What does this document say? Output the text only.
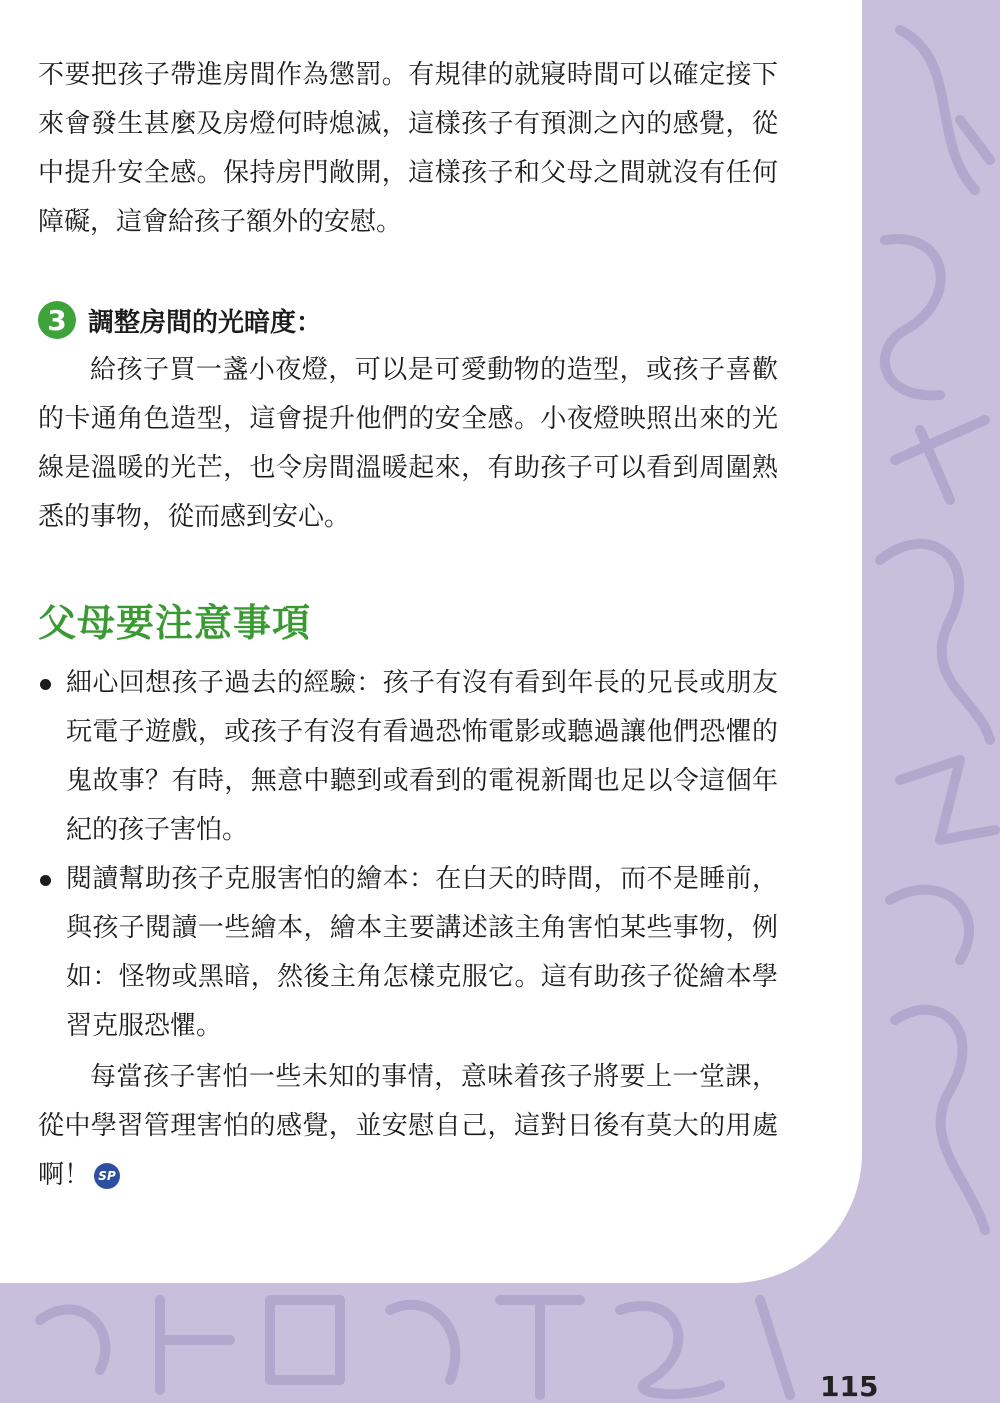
不要把孩子帶進房間作為懲罰。有規律的就寢時間可以確定接下來會發生甚麼及房燈何時熄滅，這樣孩子有預測之內的感覺，從中提升安全感。保持房門敞開，這樣孩子和父母之間就沒有任何障礙，這會給孩子額外的安慰。
3 調整房間的光暗度：
給孩子買一盞小夜燈，可以是可愛動物的造型，或孩子喜歡的卡通角色造型，這會提升他們的安全感。小夜燈映照出來的光線是溫暖的光芒，也令房間溫暖起來，有助孩子可以看到周圍熟悉的事物，從而感到安心。
父母要注意事項
細心回想孩子過去的經驗：孩子有沒有看到年長的兄長或朋友玩電子遊戲，或孩子有沒有看過恐怖電影或聽過讓他們恐懼的鬼故事？有時，無意中聽到或看到的電視新聞也足以令這個年紀的孩子害怕。
閱讀幫助孩子克服害怕的繪本：在白天的時間，而不是睡前，與孩子閱讀一些繪本，繪本主要講述該主角害怕某些事物，例如：怪物或黑暗，然後主角怎樣克服它。這有助孩子從繪本學習克服恐懼。
每當孩子害怕一些未知的事情，意味着孩子將要上一堂課，從中學習管理害怕的感覺，並安慰自己，這對日後有莫大的用處啊！ SP
115
